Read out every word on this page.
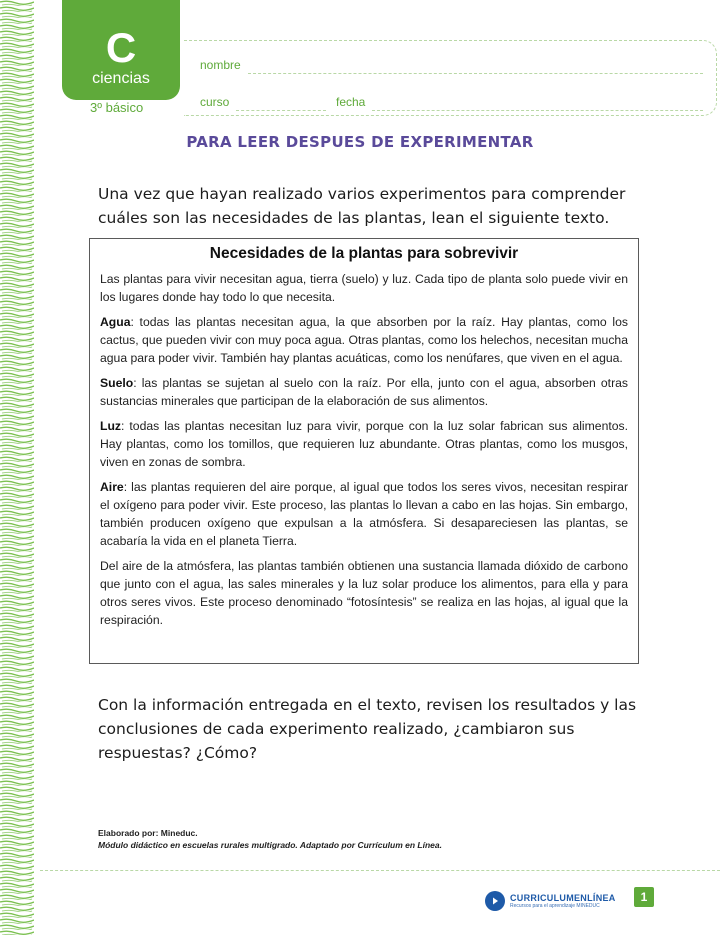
C
ciencias
3º básico
nombre
curso	fecha
PARA LEER DESPUES DE EXPERIMENTAR
Una vez que hayan realizado varios experimentos para comprender cuáles son las necesidades de las plantas, lean el siguiente texto.
Necesidades de la plantas para sobrevivir

Las plantas para vivir necesitan agua, tierra (suelo) y luz. Cada tipo de planta solo puede vivir en los lugares donde hay todo lo que necesita.

Agua: todas las plantas necesitan agua, la que absorben por la raíz. Hay plantas, como los cactus, que pueden vivir con muy poca agua. Otras plantas, como los helechos, necesitan mucha agua para poder vivir. También hay plantas acuáticas, como los nenúfares, que viven en el agua.

Suelo: las plantas se sujetan al suelo con la raíz. Por ella, junto con el agua, absorben otras sustancias minerales que participan de la elaboración de sus alimentos.

Luz: todas las plantas necesitan luz para vivir, porque con la luz solar fabrican sus alimentos. Hay plantas, como los tomillos, que requieren luz abundante. Otras plantas, como los musgos, viven en zonas de sombra.

Aire: las plantas requieren del aire porque, al igual que todos los seres vivos, necesitan respirar el oxígeno para poder vivir. Este proceso, las plantas lo llevan a cabo en las hojas. Sin embargo, también producen oxígeno que expulsan a la atmósfera. Si desapareciesen las plantas, se acabaría la vida en el planeta Tierra.

Del aire de la atmósfera, las plantas también obtienen una sustancia llamada dióxido de carbono que junto con el agua, las sales minerales y la luz solar produce los alimentos, para ella y para otros seres vivos. Este proceso denominado “fotosíntesis” se realiza en las hojas, al igual que la respiración.

Con la información entregada en el texto, revisen los resultados y las conclusiones de cada experimento realizado, ¿cambiaron sus respuestas? ¿Cómo?
Elaborado por: Mineduc.
Módulo didáctico en escuelas rurales multigrado. Adaptado por Currículum en Línea.
CURRICULUMENLÍNEA
Recursos para el aprendizaje MINEDUC
1
